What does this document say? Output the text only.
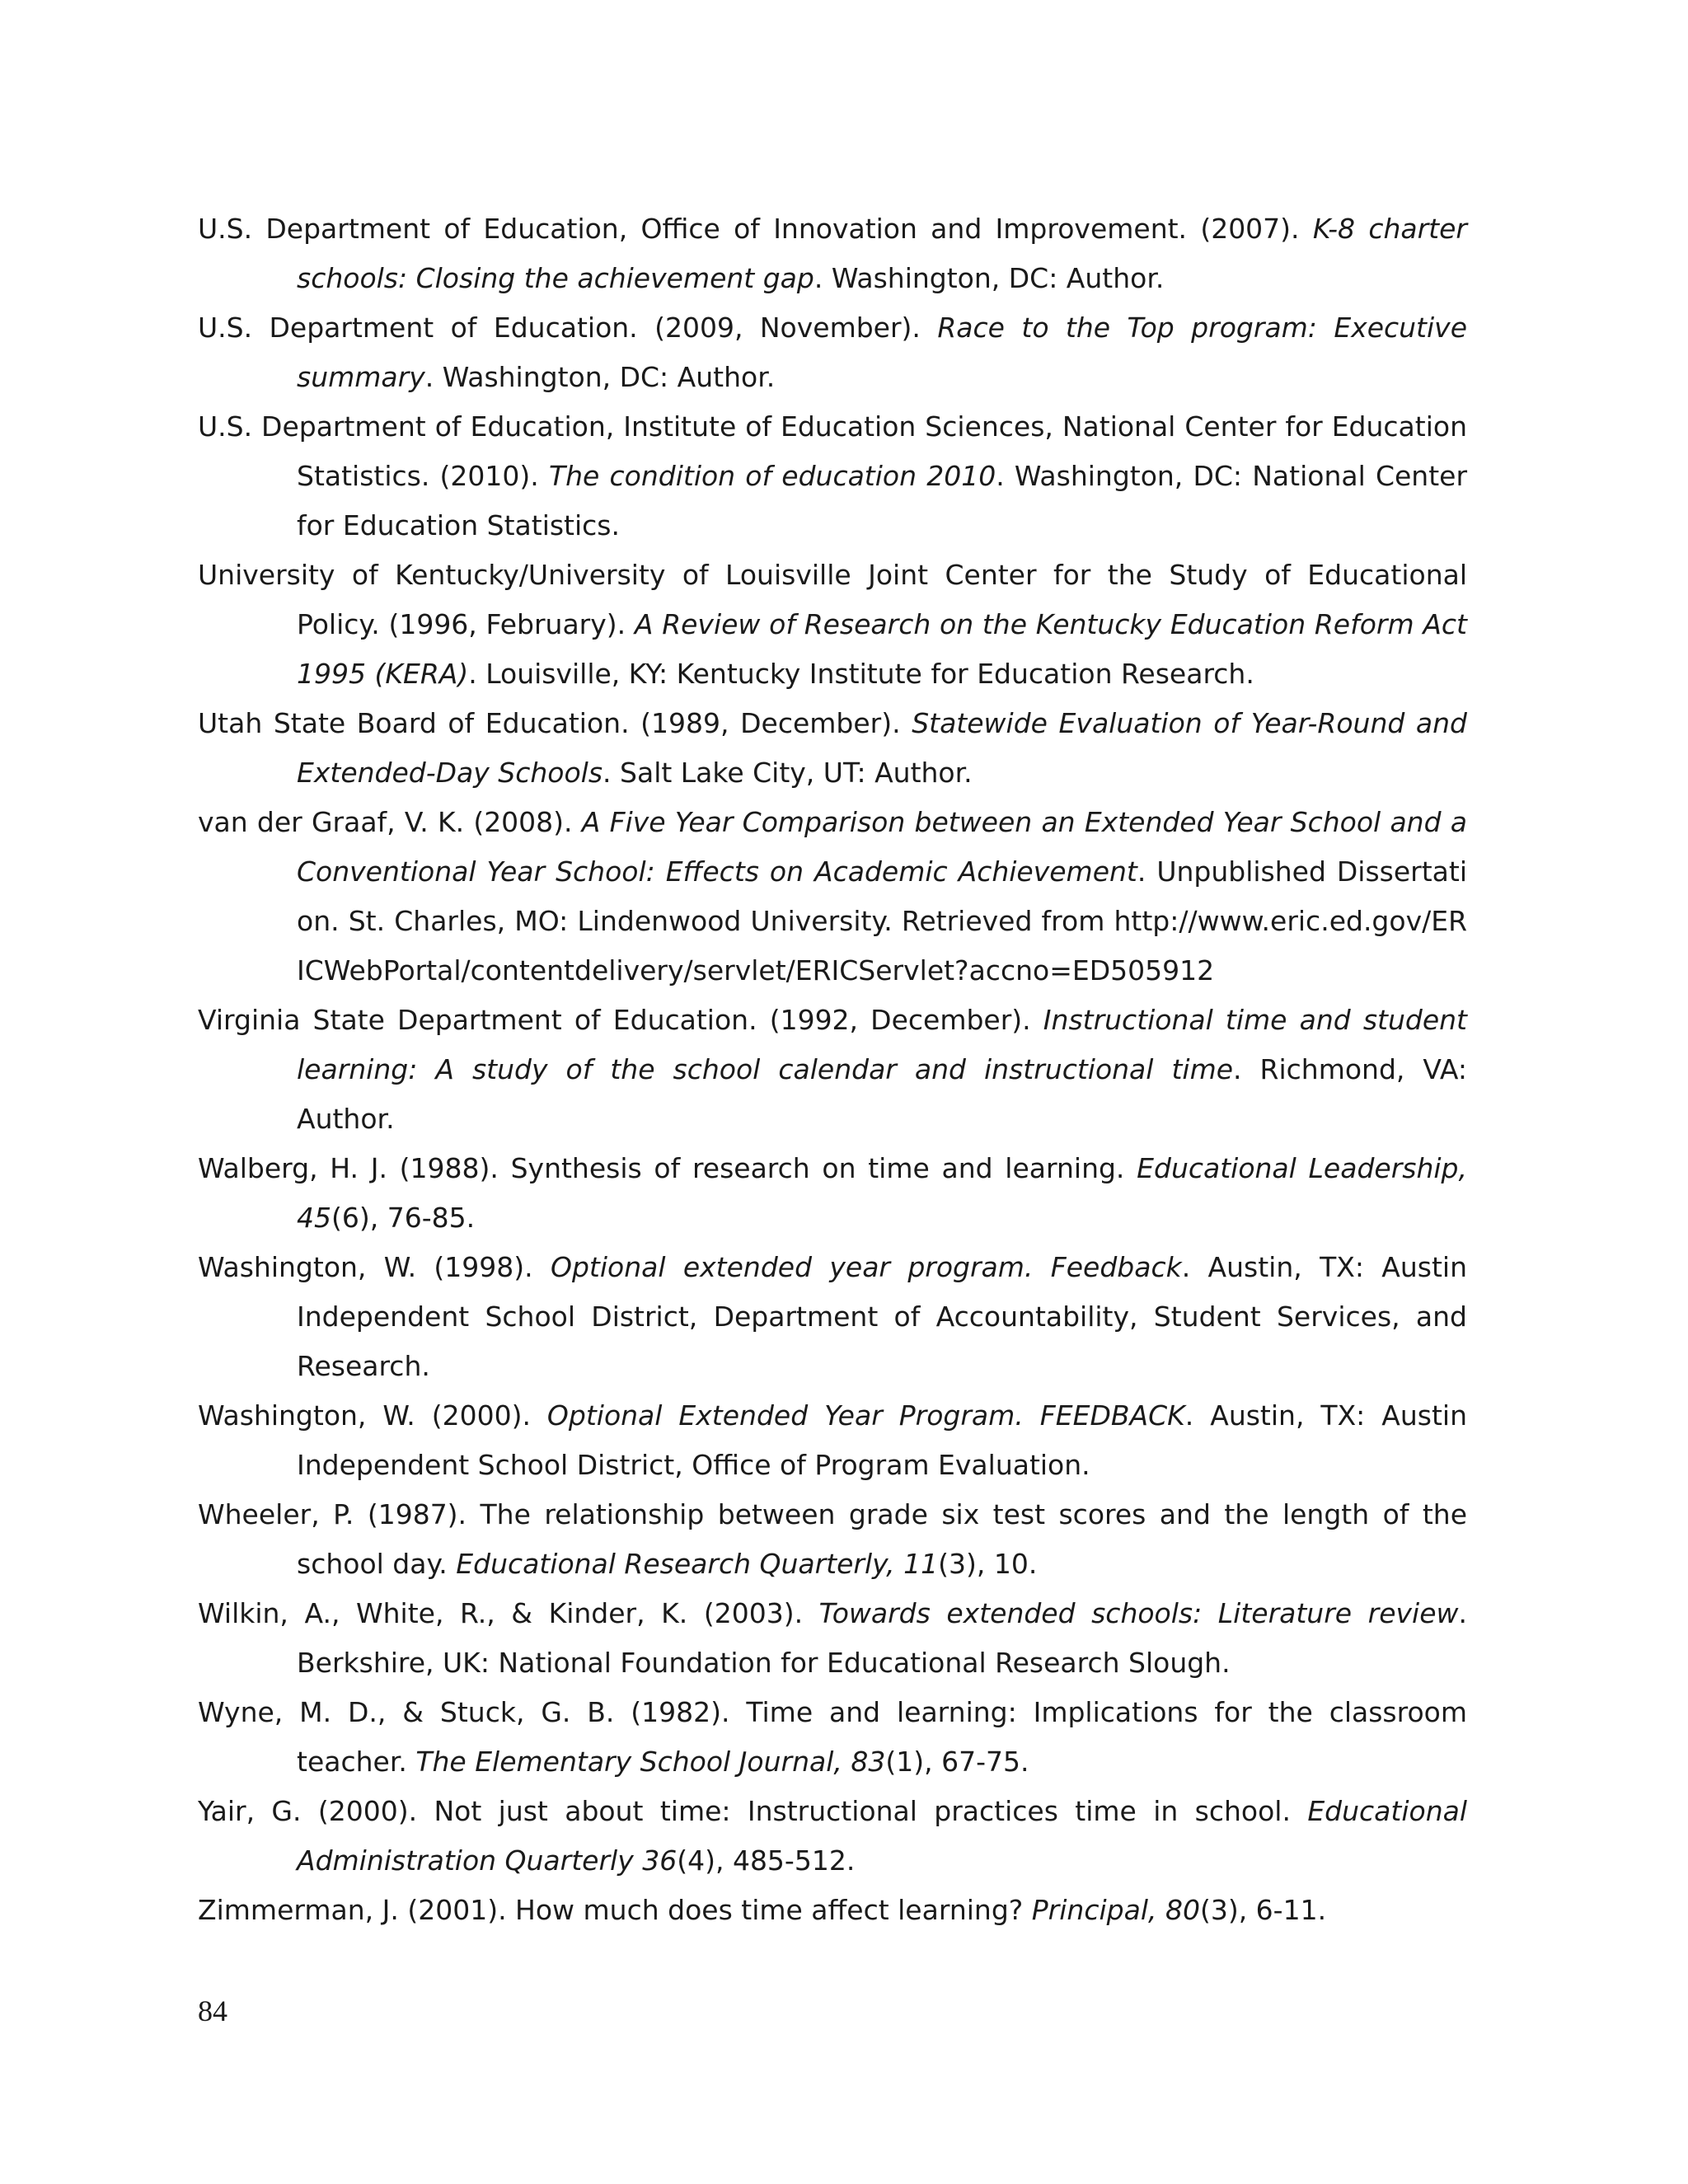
U.S. Department of Education, Office of Innovation and Improvement. (2007). K-8 charter schools: Closing the achievement gap. Washington, DC: Author.
U.S. Department of Education. (2009, November). Race to the Top program: Executive summary. Washington, DC: Author.
U.S. Department of Education, Institute of Education Sciences, National Center for Education Statistics. (2010). The condition of education 2010. Washington, DC: National Center for Education Statistics.
University of Kentucky/University of Louisville Joint Center for the Study of Educational Policy. (1996, February). A Review of Research on the Kentucky Education Reform Act 1995 (KERA). Louisville, KY: Kentucky Institute for Education Research.
Utah State Board of Education. (1989, December). Statewide Evaluation of Year-Round and Extended-Day Schools. Salt Lake City, UT: Author.
van der Graaf, V. K. (2008). A Five Year Comparison between an Extended Year School and a Conventional Year School: Effects on Academic Achievement. Unpublished Dissertation. St. Charles, MO: Lindenwood University. Retrieved from http://www.eric.ed.gov/ERICWebPortal/contentdelivery/servlet/ERICServlet?accno=ED505912
Virginia State Department of Education. (1992, December). Instructional time and student learning: A study of the school calendar and instructional time. Richmond, VA: Author.
Walberg, H. J. (1988). Synthesis of research on time and learning. Educational Leadership, 45(6), 76-85.
Washington, W. (1998). Optional extended year program. Feedback. Austin, TX: Austin Independent School District, Department of Accountability, Student Services, and Research.
Washington, W. (2000). Optional Extended Year Program. FEEDBACK. Austin, TX: Austin Independent School District, Office of Program Evaluation.
Wheeler, P. (1987). The relationship between grade six test scores and the length of the school day. Educational Research Quarterly, 11(3), 10.
Wilkin, A., White, R., & Kinder, K. (2003). Towards extended schools: Literature review. Berkshire, UK: National Foundation for Educational Research Slough.
Wyne, M. D., & Stuck, G. B. (1982). Time and learning: Implications for the classroom teacher. The Elementary School Journal, 83(1), 67-75.
Yair, G. (2000). Not just about time: Instructional practices time in school. Educational Administration Quarterly 36(4), 485-512.
Zimmerman, J. (2001). How much does time affect learning? Principal, 80(3), 6-11.
84
